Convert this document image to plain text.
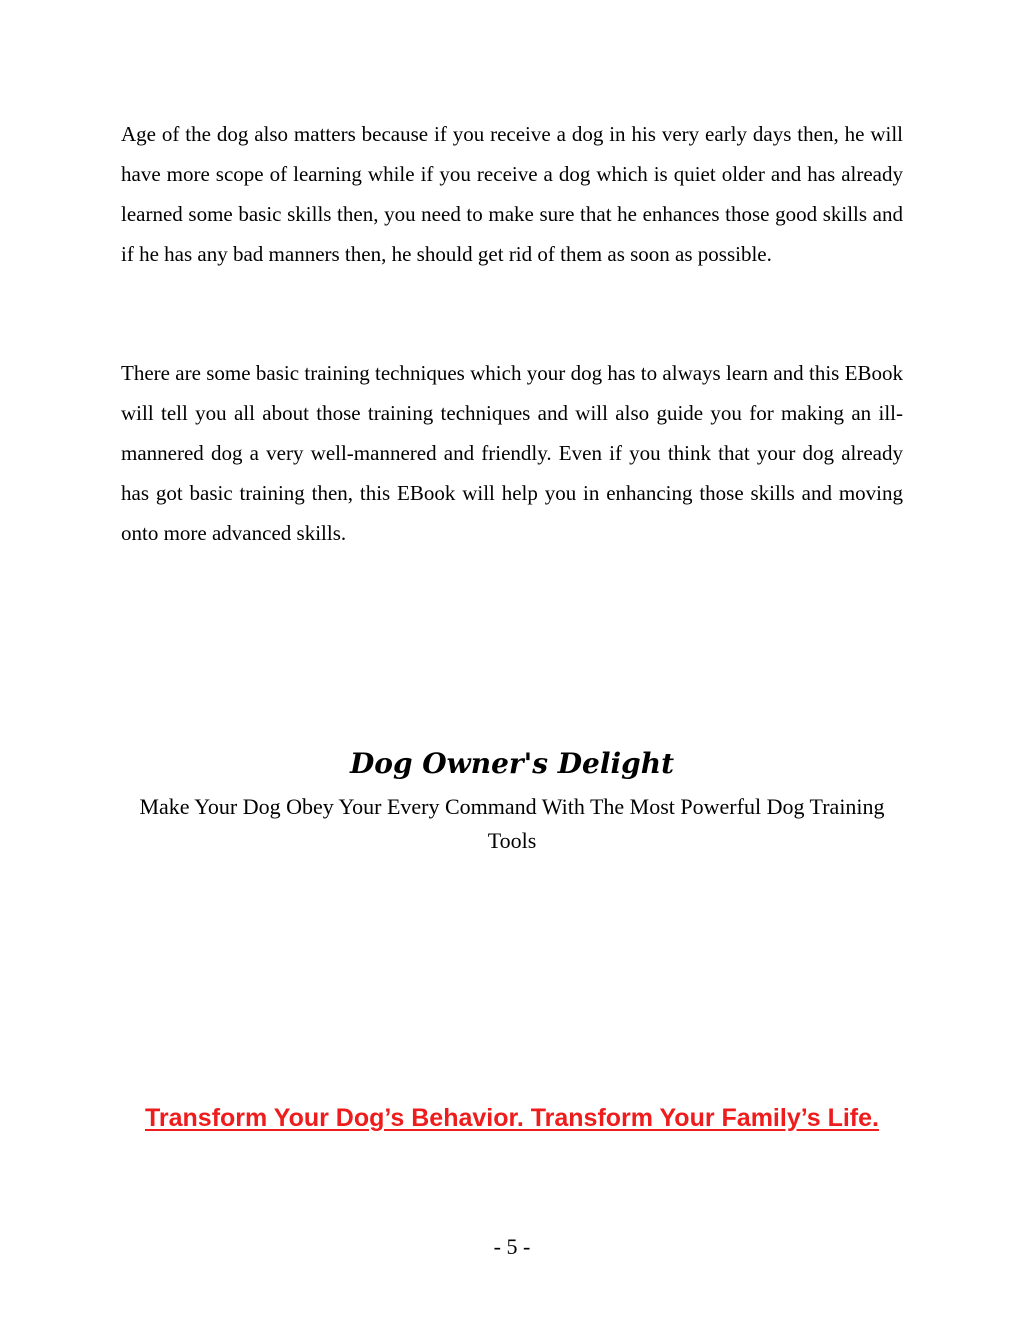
Age of the dog also matters because if you receive a dog in his very early days then, he will have more scope of learning while if you receive a dog which is quiet older and has already learned some basic skills then, you need to make sure that he enhances those good skills and if he has any bad manners then, he should get rid of them as soon as possible.

There are some basic training techniques which your dog has to always learn and this EBook will tell you all about those training techniques and will also guide you for making an ill-mannered dog a very well-mannered and friendly. Even if you think that your dog already has got basic training then, this EBook will help you in enhancing those skills and moving onto more advanced skills.

Dog Owner's Delight

Make Your Dog Obey Your Every Command With The Most Powerful Dog Training Tools

Transform Your Dog’s Behavior. Transform Your Family’s Life.
- 5 -
